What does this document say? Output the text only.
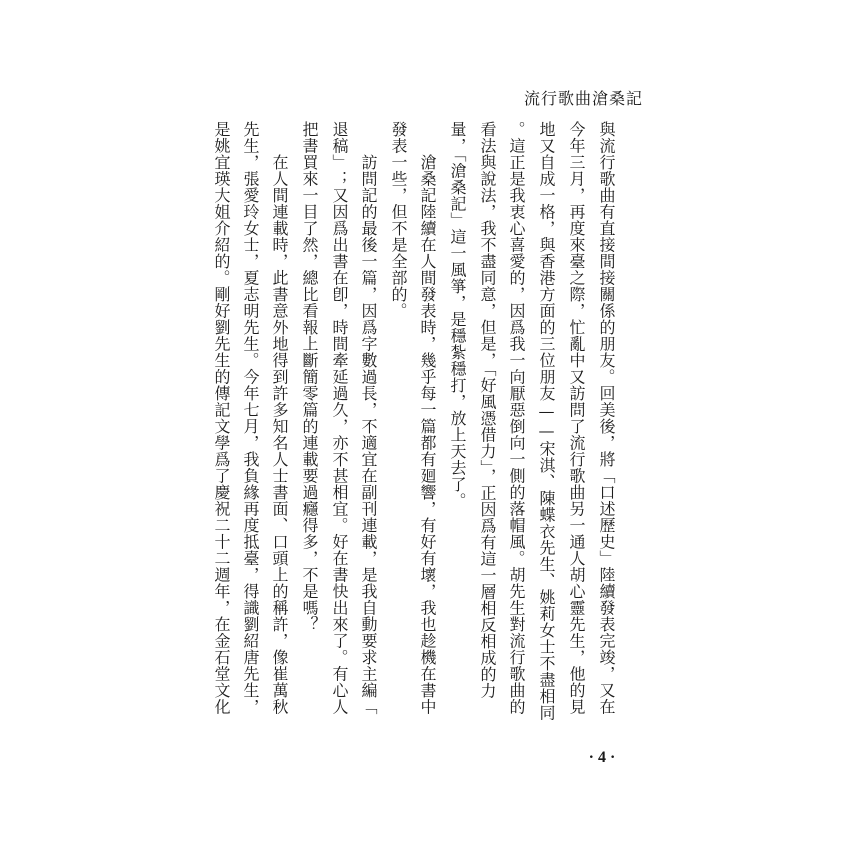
流行歌曲滄桑記
與流行歌曲有直接間接關係的朋友。回美後，將「口述歷史」陸續發表完竣，又在
今年三月，再度來臺之際，忙亂中又訪問了流行歌曲另一通人胡心靈先生，他的見
地又自成一格，與香港方面的三位朋友——宋淇、陳蝶衣先生、姚莉女士不盡相同
。這正是我衷心喜愛的，因爲我一向厭惡倒向一側的落帽風。胡先生對流行歌曲的
看法與說法，我不盡同意，但是，「好風憑借力」，正因爲有這一層相反相成的力
量，「滄桑記」這一風箏，是穩紮穩打，放上天去了。
　　滄桑記陸續在人間發表時，幾乎每一篇都有廻響，有好有壞，我也趁機在書中
發表一些，但不是全部的。
　　訪問記的最後一篇，因爲字數過長，不適宜在副刊連載，是我自動要求主編「
退稿」；又因爲出書在卽，時間牽延過久，亦不甚相宜。好在書快出來了。有心人
把書買來一目了然，總比看報上斷簡零篇的連載要過癮得多，不是嗎？
　　在人間連載時，此書意外地得到許多知名人士書面、口頭上的稱許，像崔萬秋
先生，張愛玲女士，夏志明先生。今年七月，我負緣再度抵臺，得識劉紹唐先生，
是姚宜瑛大姐介紹的。剛好劉先生的傳記文學爲了慶祝二十二週年，在金石堂文化
· 4 ·
